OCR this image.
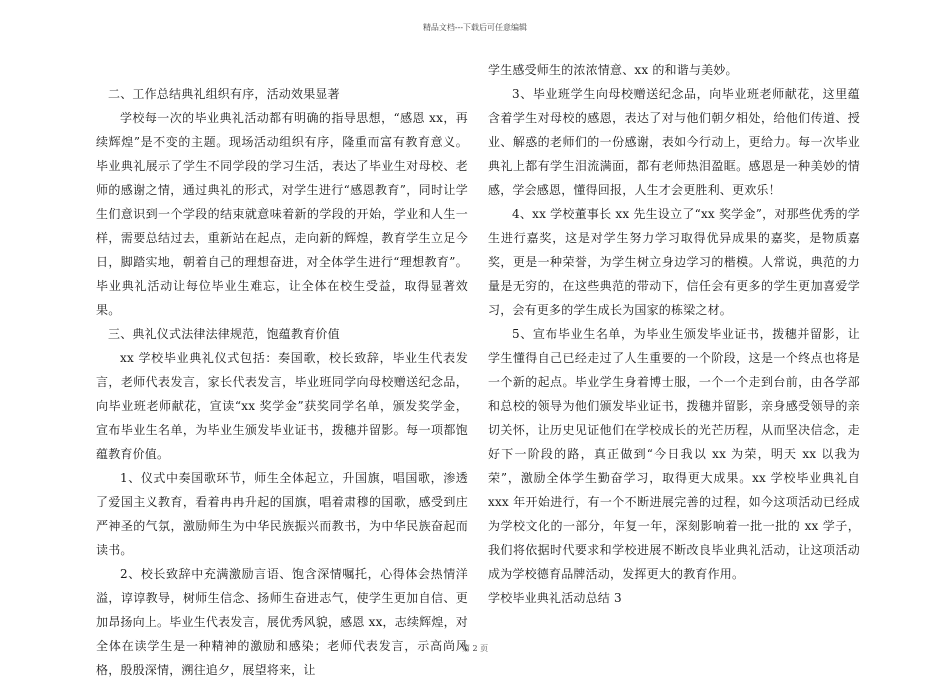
精品文档---下载后可任意编辑

二、工作总结典礼组织有序，活动效果显著

学校每一次的毕业典礼活动都有明确的指导思想，“感恩 xx，再续辉煌”是不变的主题。现场活动组织有序，隆重而富有教育意义。毕业典礼展示了学生不同学段的学习生活，表达了毕业生对母校、老师的感谢之情，通过典礼的形式，对学生进行“感恩教育”，同时让学生们意识到一个学段的结束就意味着新的学段的开始，学业和人生一样，需要总结过去，重新站在起点，走向新的辉煌，教育学生立足今日，脚踏实地，朝着自己的理想奋进，对全体学生进行“理想教育”。毕业典礼活动让每位毕业生难忘，让全体在校生受益，取得显著效果。

三、典礼仪式法律法律规范，饱蕴教育价值

xx 学校毕业典礼仪式包括：奏国歌，校长致辞，毕业生代表发言，老师代表发言，家长代表发言，毕业班同学向母校赠送纪念品，向毕业班老师献花，宣读“xx 奖学金”获奖同学名单，颁发奖学金，宣布毕业生名单，为毕业生颁发毕业证书，拨穗并留影。每一项都饱蕴教育价值。

1、仪式中奏国歌环节，师生全体起立，升国旗，唱国歌，渗透了爱国主义教育，看着冉冉升起的国旗，唱着肃穆的国歌，感受到庄严神圣的气氛，激励师生为中华民族振兴而教书，为中华民族奋起而读书。

2、校长致辞中充满激励言语、饱含深情嘱托，心得体会热情洋溢，谆谆教导，树师生信念、扬师生奋进志气，使学生更加自信、更加昂扬向上。毕业生代表发言，展优秀风貌，感恩 xx，志续辉煌，对全体在读学生是一种精神的激励和感染；老师代表发言，示高尚风格，殷殷深情，溯往追夕，展望将来，让

学生感受师生的浓浓情意、xx 的和谐与美妙。

3、毕业班学生向母校赠送纪念品，向毕业班老师献花，这里蕴含着学生对母校的感恩，表达了对与他们朝夕相处，给他们传道、授业、解惑的老师们的一份感谢，表如今行动上，更给力。每一次毕业典礼上都有学生泪流满面，都有老师热泪盈眶。感恩是一种美妙的情感，学会感恩，懂得回报，人生才会更胜利、更欢乐！

4、xx 学校董事长 xx 先生设立了“xx 奖学金”，对那些优秀的学生进行嘉奖，这是对学生努力学习取得优异成果的嘉奖，是物质嘉奖，更是一种荣誉，为学生树立身边学习的楷模。人常说，典范的力量是无穷的，在这些典范的带动下，信任会有更多的学生更加喜爱学习，会有更多的学生成长为国家的栋梁之材。

5、宣布毕业生名单，为毕业生颁发毕业证书，拨穗并留影，让学生懂得自己已经走过了人生重要的一个阶段，这是一个终点也将是一个新的起点。毕业学生身着博士服，一个一个走到台前，由各学部和总校的领导为他们颁发毕业证书，拨穗并留影，亲身感受领导的亲切关怀，让历史见证他们在学校成长的光芒历程，从而坚决信念，走好下一阶段的路，真正做到“今日我以 xx 为荣，明天 xx 以我为荣”，激励全体学生勤奋学习，取得更大成果。xx 学校毕业典礼自 xxx 年开始进行，有一个不断进展完善的过程，如今这项活动已经成为学校文化的一部分，年复一年，深刻影响着一批一批的 xx 学子，我们将依据时代要求和学校进展不断改良毕业典礼活动，让这项活动成为学校德育品牌活动，发挥更大的教育作用。

学校毕业典礼活动总结 3

第 2 页
